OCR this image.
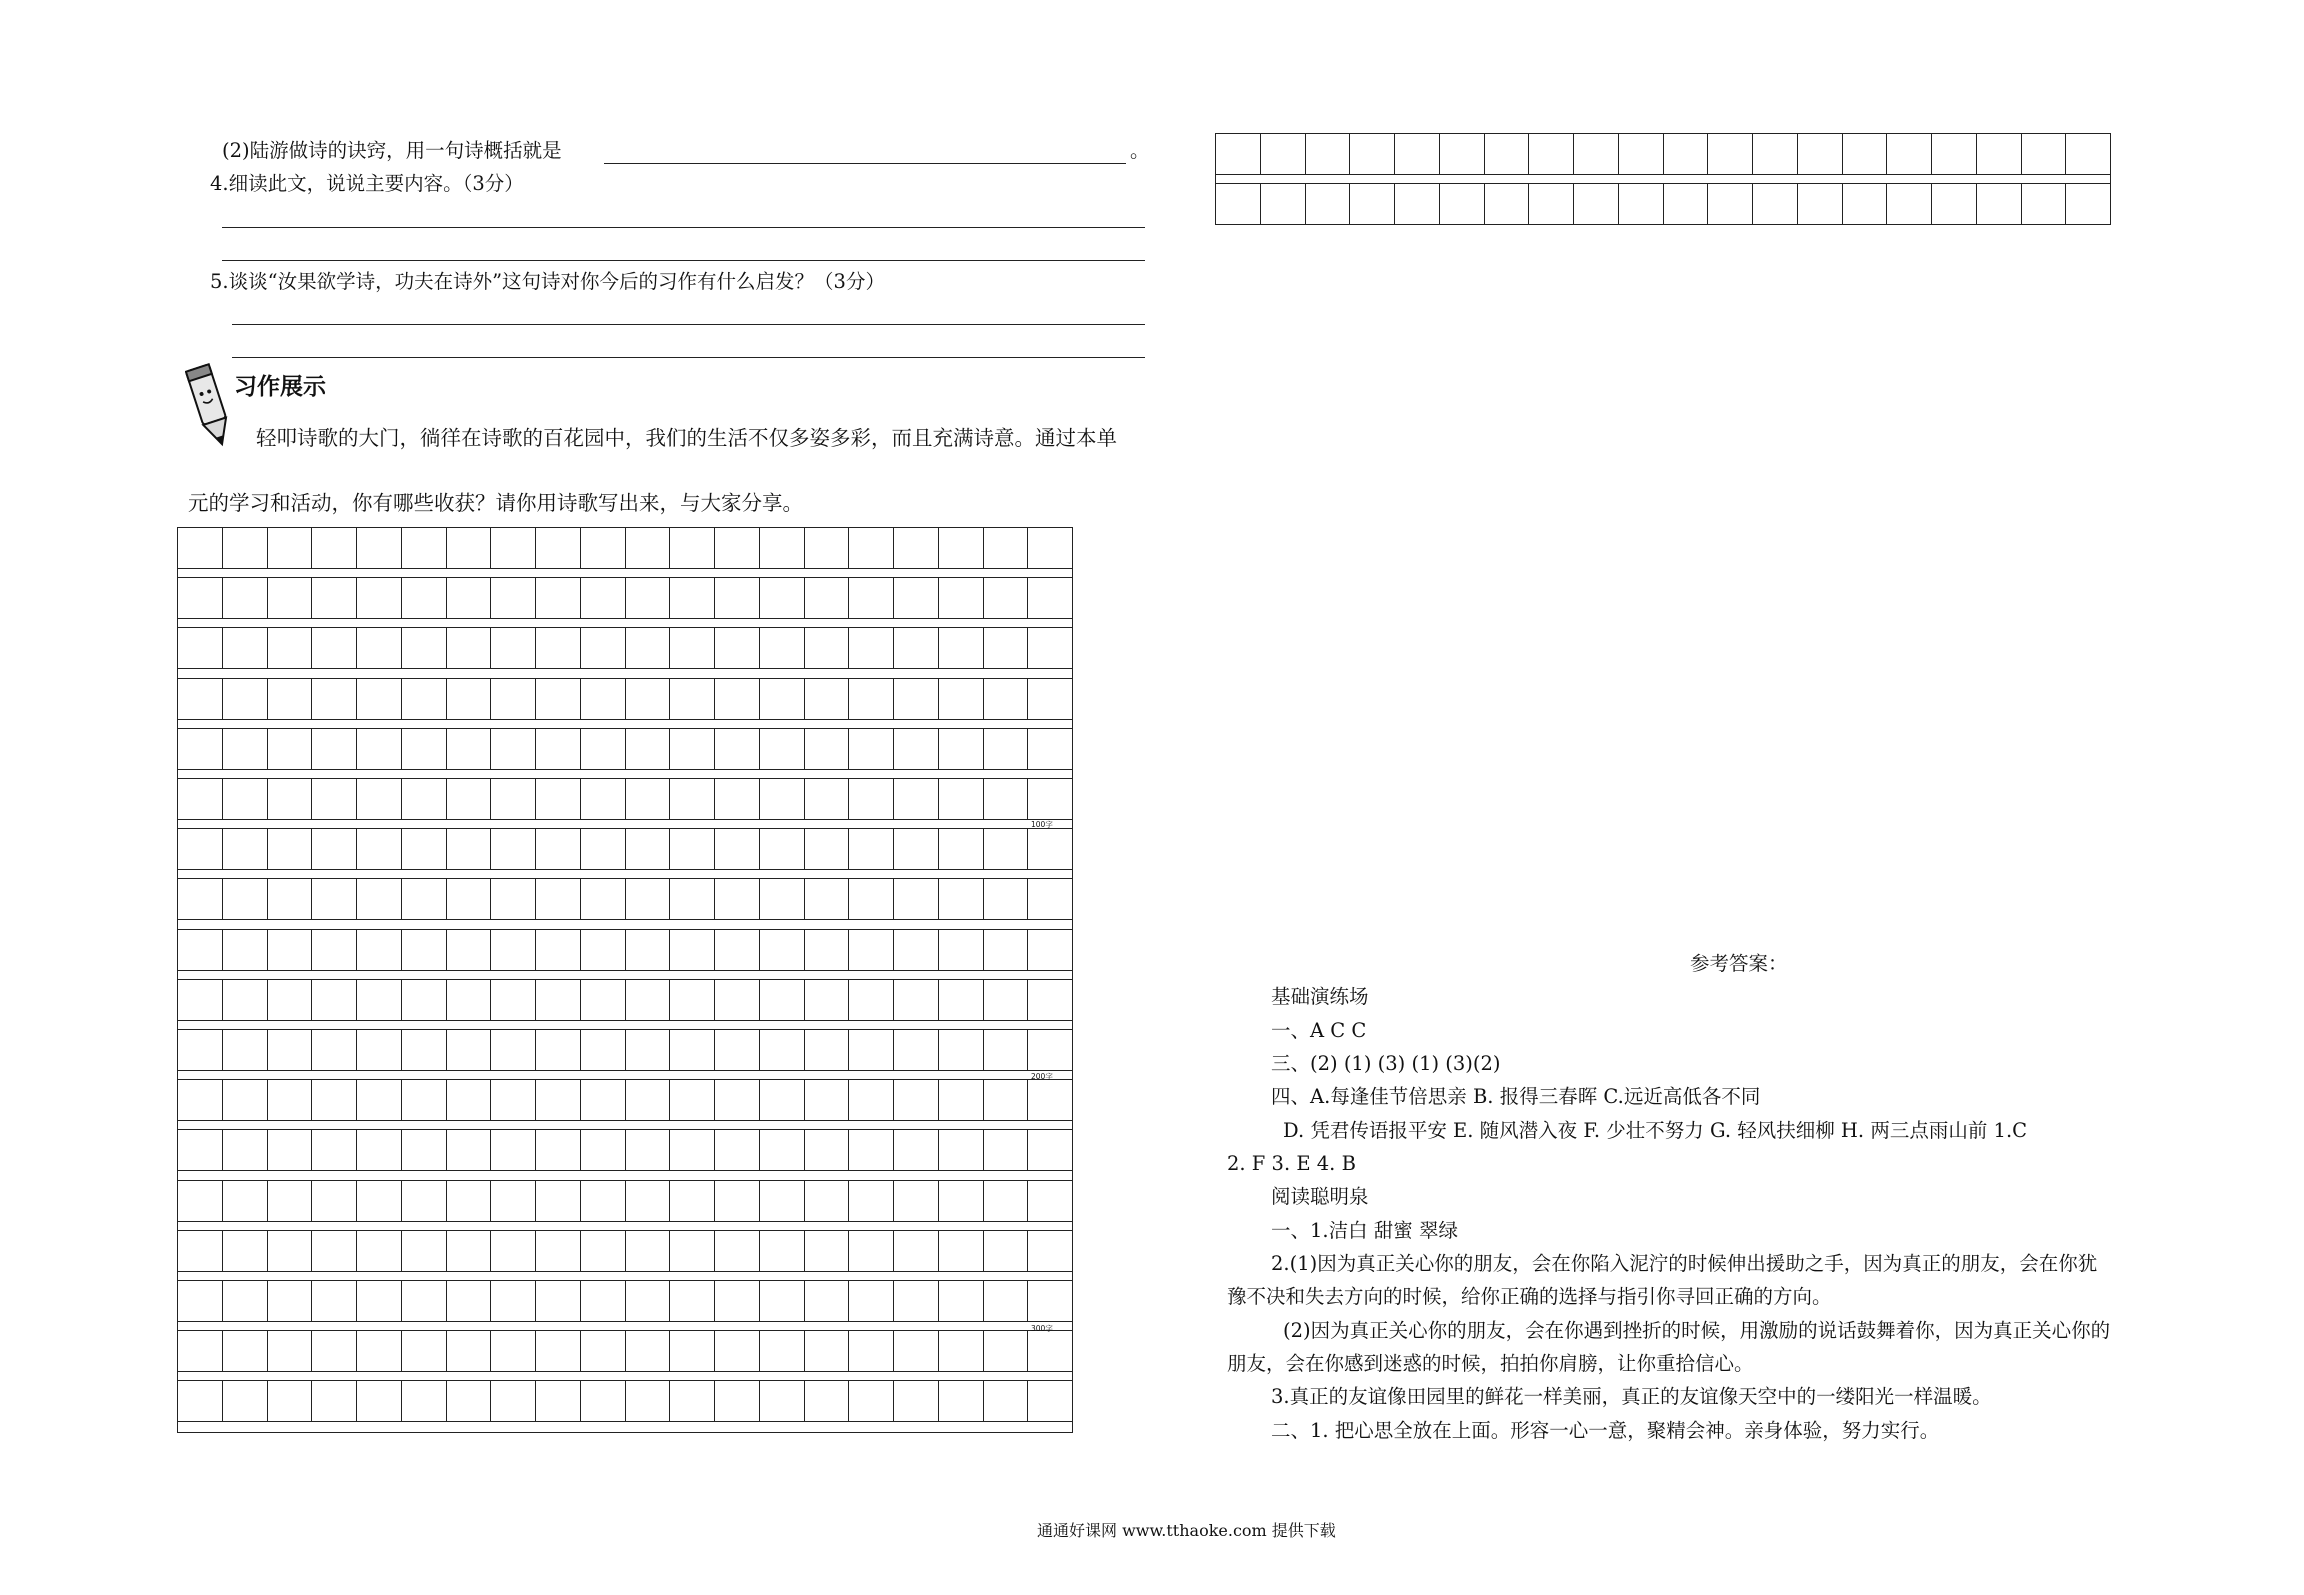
(2)陆游做诗的诀窍，用一句诗概括就是	。
4.细读此文，说说主要内容。（3分）
5.谈谈“汝果欲学诗，功夫在诗外”这句诗对你今后的习作有什么启发？（3分）
习作展示
轻叩诗歌的大门，徜徉在诗歌的百花园中，我们的生活不仅多姿多彩，而且充满诗意。通过本单
元的学习和活动，你有哪些收获？请你用诗歌写出来，与大家分享。
100字
200字
300字
参考答案：
基础演练场
一、A C C
三、(2) (1) (3) (1) (3)(2)
四、A.每逢佳节倍思亲 B. 报得三春晖 C.远近高低各不同
D. 凭君传语报平安 E. 随风潜入夜 F. 少壮不努力 G. 轻风扶细柳 H. 两三点雨山前 1.C
2. F 3. E 4. B
阅读聪明泉
一、1.洁白 甜蜜 翠绿
2.(1)因为真正关心你的朋友，会在你陷入泥泞的时候伸出援助之手，因为真正的朋友，会在你犹
豫不决和失去方向的时候，给你正确的选择与指引你寻回正确的方向。
(2)因为真正关心你的朋友，会在你遇到挫折的时候，用激励的说话鼓舞着你，因为真正关心你的
朋友，会在你感到迷惑的时候，拍拍你肩膀，让你重拾信心。
3.真正的友谊像田园里的鲜花一样美丽，真正的友谊像天空中的一缕阳光一样温暖。
二、1. 把心思全放在上面。形容一心一意，聚精会神。亲身体验，努力实行。
通通好课网 www.tthaoke.com 提供下载
